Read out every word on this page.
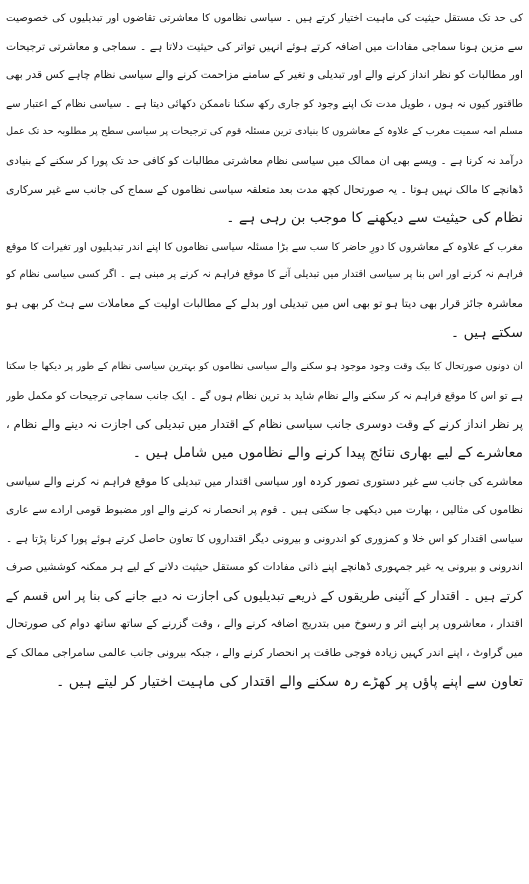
کی حد تک مستقل حیثیت کی ماہیت اختیار کرتے ہیں ۔ سیاسی نظاموں کا معاشرتی تقاضوں اور تبدیلیوں کی خصوصیت
سے مزین ہونا سماجی مفادات میں اضافہ کرتے ہوئے انہیں تواتر کی حیثیت دلاتا ہے ۔ سماجی و معاشرتی ترجیحات
اور مطالبات کو نظر انداز کرنے والے اور تبدیلی و تغیر کے سامنے مزاحمت کرنے والے سیاسی نظام چاہے کس قدر بھی
طاقتور کیوں نہ ہوں ، طویل مدت تک اپنے وجود کو جاری رکھ سکنا ناممکن دکھائی دیتا ہے ۔ سیاسی نظام کے اعتبار سے
مسلم امہ سمیت مغرب کے علاوہ کے معاشروں کا بنیادی ترین مسئلہ قوم کی ترجیحات پر سیاسی سطح پر مطلوبہ حد تک عمل
درآمد نہ کرنا ہے ۔ ویسے بھی ان ممالک میں سیاسی نظام معاشرتی مطالبات کو کافی حد تک پورا کر سکنے کے بنیادی
ڈھانچے کا مالک نہیں ہوتا ۔ یہ صورتحال کچھ مدت بعد متعلقہ سیاسی نظاموں کے سماج کی جانب سے غیر سرکاری
نظام کی حیثیت سے دیکھنے کا موجب بن رہی ہے ۔
مغرب کے علاوہ کے معاشروں کا دورِ حاضر کا سب سے بڑا مسئلہ سیاسی نظاموں کا اپنے اندر تبدیلیوں اور تغیرات کا موقع
فراہم نہ کرنے اور اس بنا پر سیاسی اقتدار میں تبدیلی آنے کا موقع فراہم نہ کرنے پر مبنی ہے ۔ اگر کسی سیاسی نظام کو
معاشرہ جائز قرار بھی دیتا ہو تو بھی اس میں تبدیلی اور بدلے کے مطالبات اولیت کے معاملات سے ہٹ کر بھی ہو
سکتے ہیں ۔
ان دونوں صورتحال کا بیک وقت وجود موجود ہو سکنے والے سیاسی نظاموں کو بہترین سیاسی نظام کے طور پر دیکھا جا سکتا
ہے تو اس کا موقع فراہم نہ کر سکنے والے نظام شاید بد ترین نظام ہوں گے ۔ ایک جانب سماجی ترجیحات کو مکمل طور
پر نظر انداز کرنے کے وقت دوسری جانب سیاسی نظام کے اقتدار میں تبدیلی کی اجازت نہ دینے والے نظام ،
معاشرے کے لیے بھاری نتائج پیدا کرنے والے نظاموں میں شامل ہیں ۔
معاشرے کی جانب سے غیر دستوری تصور کردہ اور سیاسی اقتدار میں تبدیلی کا موقع فراہم نہ کرنے والے سیاسی
نظاموں کی مثالیں ، بھارت میں دیکھی جا سکتی ہیں ۔ قوم پر انحصار نہ کرنے والے اور مضبوط قومی ارادے سے عاری
سیاسی اقتدار کو اس خلا و کمزوری کو اندرونی و بیرونی دیگر اقتداروں کا تعاون حاصل کرتے ہوئے پورا کرنا پڑتا ہے ۔
اندرونی و بیرونی یہ غیر جمہوری ڈھانچے اپنے ذاتی مفادات کو مستقل حیثیت دلانے کے لیے ہر ممکنہ کوششیں صرف
کرتے ہیں ۔ اقتدار کے آئینی طریقوں کے ذریعے تبدیلیوں کی اجازت نہ دیے جانے کی بنا پر اس قسم کے
اقتدار ، معاشروں پر اپنے اثر و رسوخ میں بتدریج اضافہ کرنے والے ، وقت گزرنے کے ساتھ ساتھ دوام کی صورتحال
میں گراوٹ ، اپنے اندر کہیں زیادہ فوجی طاقت پر انحصار کرنے والے ، جبکہ بیرونی جانب عالمی سامراجی ممالک کے
تعاون سے اپنے پاؤں پر کھڑے رہ سکنے والے اقتدار کی ماہیت اختیار کر لیتے ہیں ۔
